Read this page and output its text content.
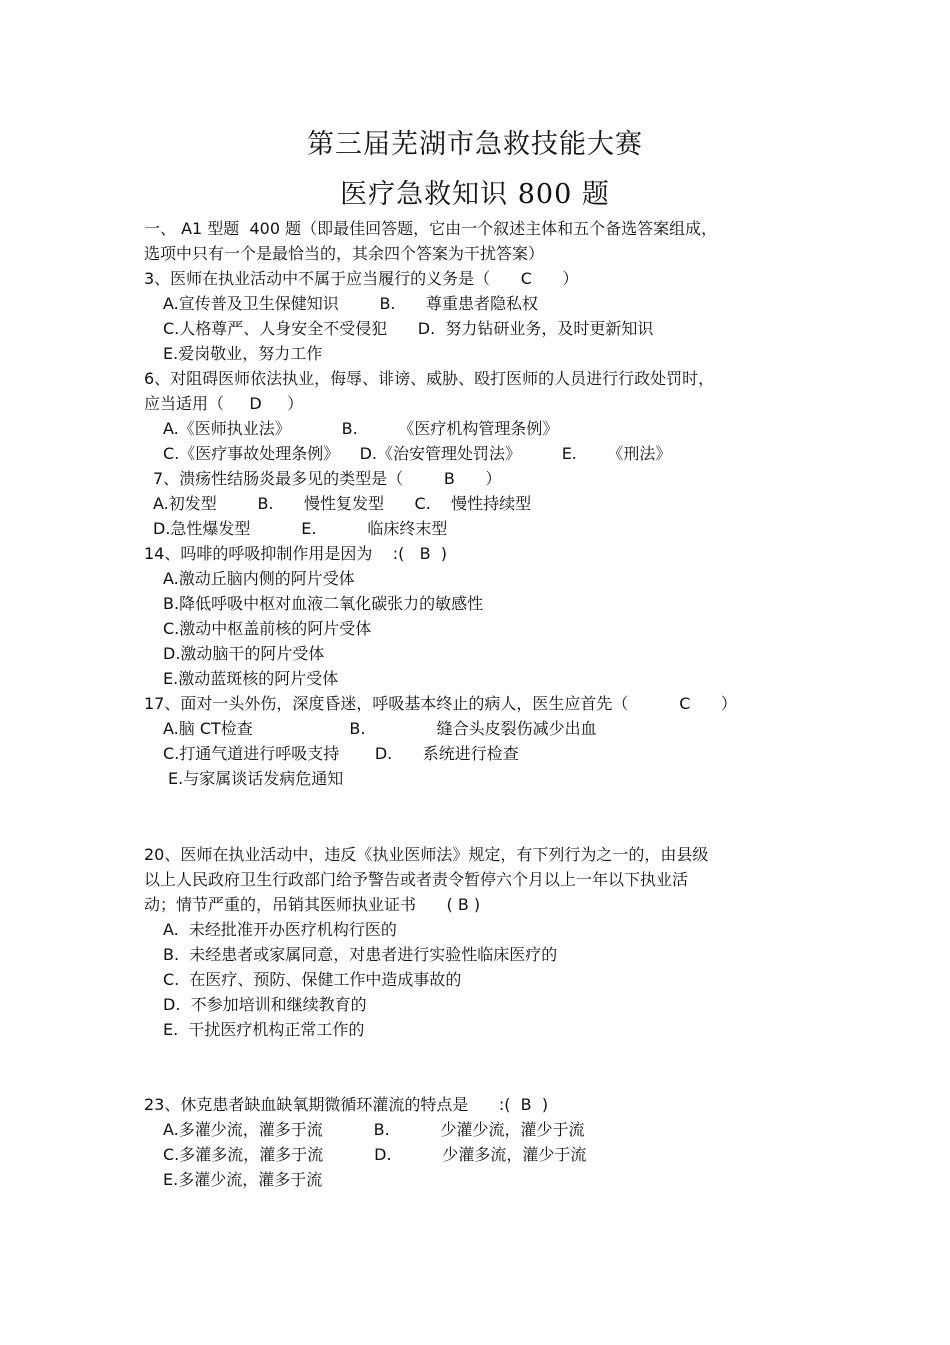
第三届芜湖市急救技能大赛
医疗急救知识 800 题
一、 A1 型题  400 题（即最佳回答题，它由一个叙述主体和五个备选答案组成，
选项中只有一个是最恰当的，其余四个答案为干扰答案）
3、医师在执业活动中不属于应当履行的义务是（      C      ）
A.宣传普及卫生保健知识        B.      尊重患者隐私权
C.人格尊严、人身安全不受侵犯      D.  努力钻研业务，及时更新知识
E.爱岗敬业，努力工作
6、对阻碍医师依法执业，侮辱、诽谤、威胁、殴打医师的人员进行行政处罚时，
应当适用（     D     ）
A.《医师执业法》          B.        《医疗机构管理条例》
C.《医疗事故处理条例》    D.《治安管理处罚法》        E.      《刑法》
7、溃疡性结肠炎最多见的类型是（        B      ）
A.初发型        B.      慢性复发型      C.    慢性持续型
D.急性爆发型          E.          临床终末型
14、吗啡的呼吸抑制作用是因为    :(   B  )
A.激动丘脑内侧的阿片受体
B.降低呼吸中枢对血液二氧化碳张力的敏感性
C.激动中枢盖前核的阿片受体
D.激动脑干的阿片受体
E.激动蓝斑核的阿片受体
17、面对一头外伤，深度昏迷，呼吸基本终止的病人，医生应首先（          C      ）
A.脑 CT检查                   B.              缝合头皮裂伤减少出血
C.打通气道进行呼吸支持       D.      系统进行检查
E.与家属谈话发病危通知
20、医师在执业活动中，违反《执业医师法》规定，有下列行为之一的，由县级
以上人民政府卫生行政部门给予警告或者责令暂停六个月以上一年以下执业活
动；情节严重的，吊销其医师执业证书      ( B )
A.  未经批准开办医疗机构行医的
B.  未经患者或家属同意，对患者进行实验性临床医疗的
C.  在医疗、预防、保健工作中造成事故的
D.  不参加培训和继续教育的
E.  干扰医疗机构正常工作的
23、休克患者缺血缺氧期微循环灌流的特点是      :(  B  )
A.多灌少流，灌多于流          B.          少灌少流，灌少于流
C.多灌多流，灌多于流          D.          少灌多流，灌少于流
E.多灌少流，灌多于流
